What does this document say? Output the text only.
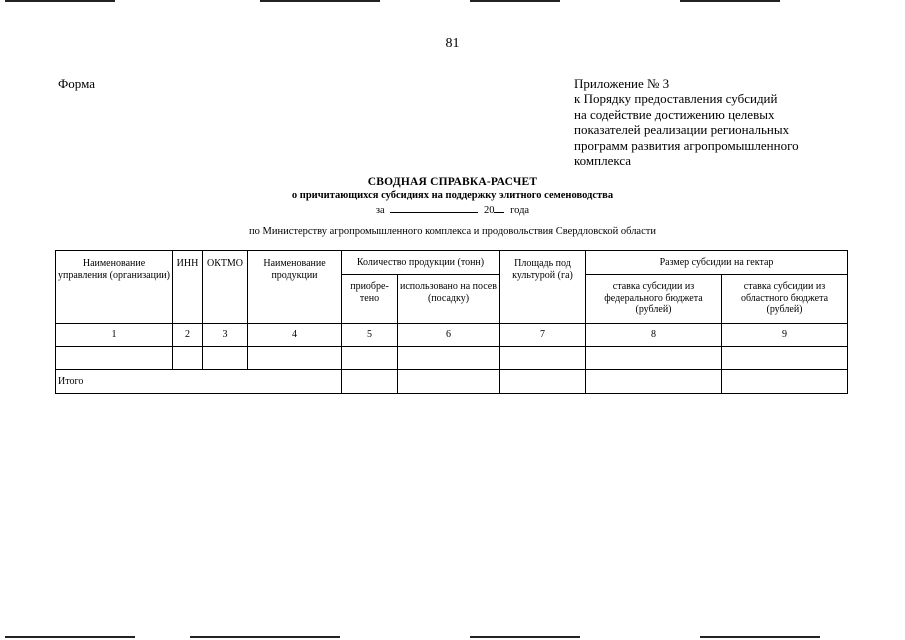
81
Форма	Приложение № 3
к Порядку предоставления субсидий
на содействие достижению целевых
показателей реализации региональных
программ развития агропромышленного
комплекса
СВОДНАЯ СПРАВКА-РАСЧЕТ
о причитающихся субсидиях на поддержку элитного семеноводства
за	20 года
по Министерству агропромышленного комплекса и продовольствия Свердловской области
Наименование управления (организации)	ИНН	ОКТМО	Наименование продукции	Количество продукции (тонн)		Площадь под культурой (га)	Размер субсидии на гектар	
				приобре-тено	использовано на посев (посадку)		ставка субсидии из федерального бюджета (рублей)	ставка субсидии из областного бюджета (рублей)
1	2	3	4	5	6	7	8	9

Итого								
